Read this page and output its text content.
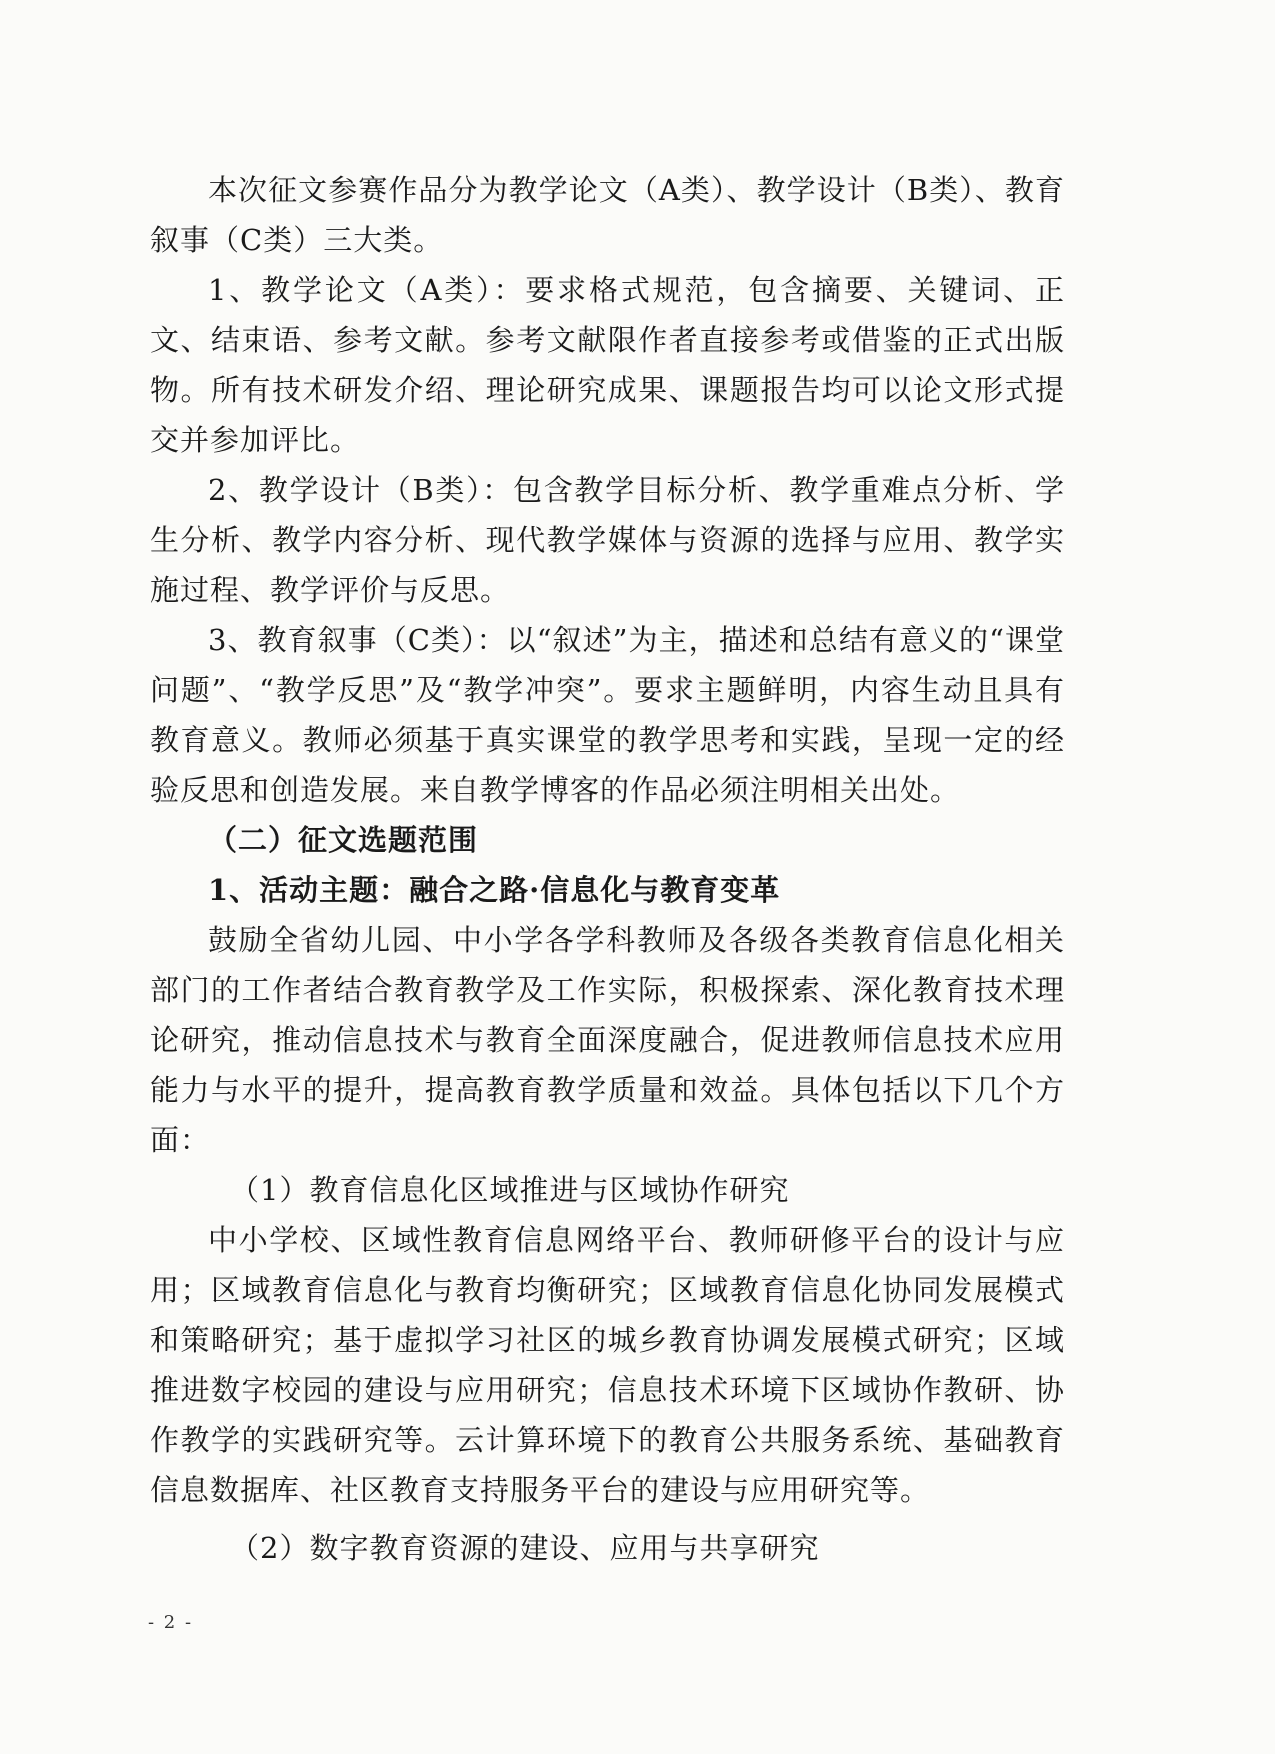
本次征文参赛作品分为教学论文（A类）、教学设计（B类）、教育叙事（C类）三大类。

1、教学论文（A类）：要求格式规范，包含摘要、关键词、正文、结束语、参考文献。参考文献限作者直接参考或借鉴的正式出版物。所有技术研发介绍、理论研究成果、课题报告均可以论文形式提交并参加评比。

2、教学设计（B类）：包含教学目标分析、教学重难点分析、学生分析、教学内容分析、现代教学媒体与资源的选择与应用、教学实施过程、教学评价与反思。

3、教育叙事（C类）：以“叙述”为主，描述和总结有意义的“课堂问题”、“教学反思”及“教学冲突”。要求主题鲜明，内容生动且具有教育意义。教师必须基于真实课堂的教学思考和实践，呈现一定的经验反思和创造发展。来自教学博客的作品必须注明相关出处。

（二）征文选题范围

1、活动主题：融合之路·信息化与教育变革

鼓励全省幼儿园、中小学各学科教师及各级各类教育信息化相关部门的工作者结合教育教学及工作实际，积极探索、深化教育技术理论研究，推动信息技术与教育全面深度融合，促进教师信息技术应用能力与水平的提升，提高教育教学质量和效益。具体包括以下几个方面：

（1）教育信息化区域推进与区域协作研究

中小学校、区域性教育信息网络平台、教师研修平台的设计与应用；区域教育信息化与教育均衡研究；区域教育信息化协同发展模式和策略研究；基于虚拟学习社区的城乡教育协调发展模式研究；区域推进数字校园的建设与应用研究；信息技术环境下区域协作教研、协作教学的实践研究等。云计算环境下的教育公共服务系统、基础教育信息数据库、社区教育支持服务平台的建设与应用研究等。

（2）数字教育资源的建设、应用与共享研究

- 2 -
